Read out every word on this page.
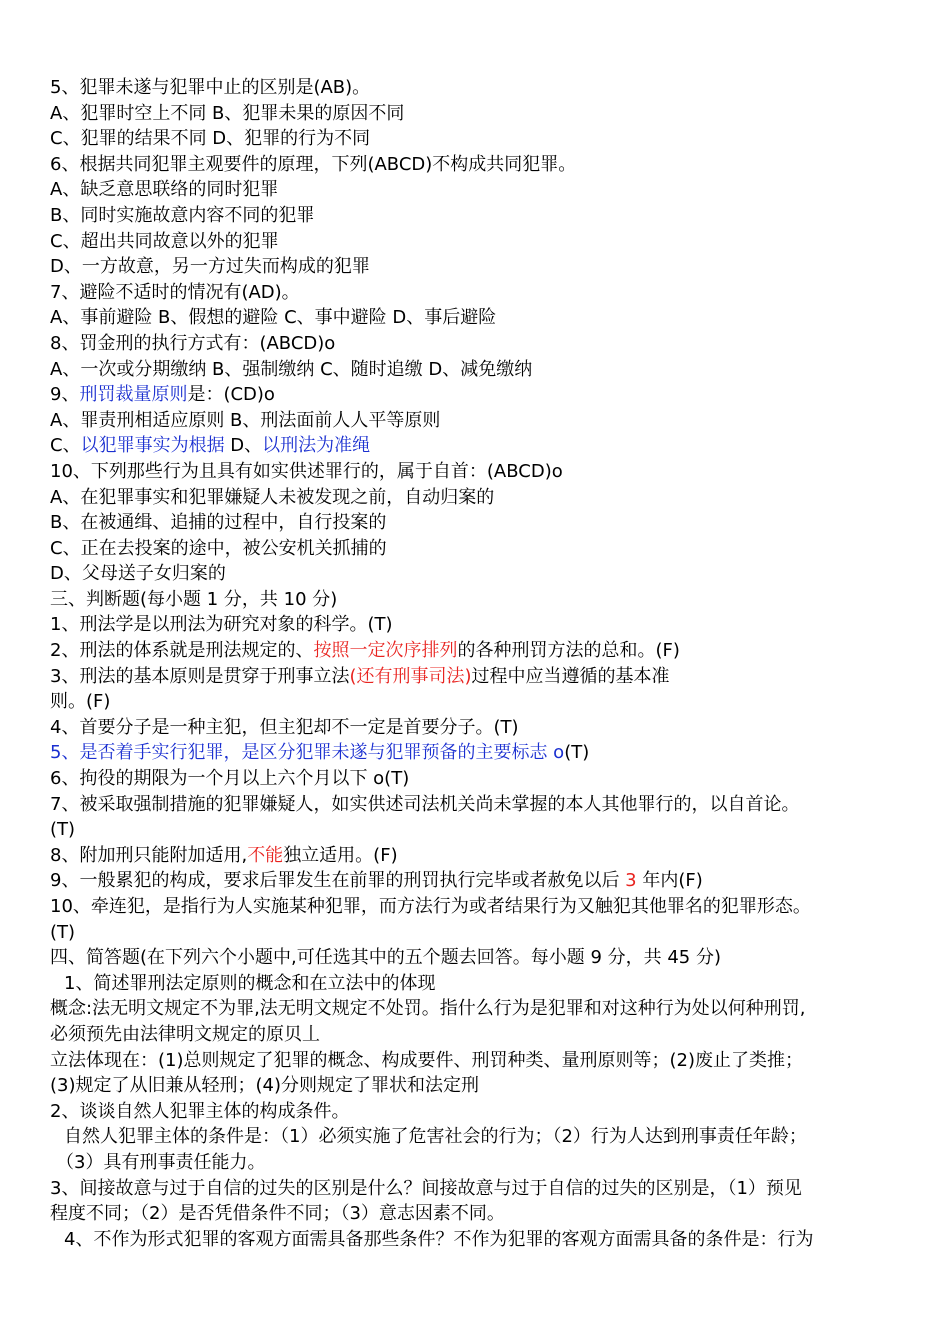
5、犯罪未遂与犯罪中止的区别是(AB)。
A、犯罪时空上不同 B、犯罪未果的原因不同
C、犯罪的结果不同 D、犯罪的行为不同
6、根据共同犯罪主观要件的原理，下列(ABCD)不构成共同犯罪。
A、缺乏意思联络的同时犯罪
B、同时实施故意内容不同的犯罪
C、超出共同故意以外的犯罪
D、一方故意，另一方过失而构成的犯罪
7、避险不适时的情况有(AD)。
A、事前避险 B、假想的避险 C、事中避险 D、事后避险
8、罚金刑的执行方式有：(ABCD)o
A、一次或分期缴纳 B、强制缴纳 C、随时追缴 D、减免缴纳
9、刑罚裁量原则是：(CD)o
A、罪责刑相适应原则 B、刑法面前人人平等原则
C、以犯罪事实为根据 D、以刑法为准绳
10、下列那些行为且具有如实供述罪行的，属于自首：(ABCD)o
A、在犯罪事实和犯罪嫌疑人未被发现之前，自动归案的
B、在被通缉、追捕的过程中，自行投案的
C、正在去投案的途中，被公安机关抓捕的
D、父母送子女归案的
三、判断题(每小题 1 分，共 10 分)
1、刑法学是以刑法为研究对象的科学。(T)
2、刑法的体系就是刑法规定的、按照一定次序排列的各种刑罚方法的总和。(F)
3、刑法的基本原则是贯穿于刑事立法(还有刑事司法)过程中应当遵循的基本准
则。(F)
4、首要分子是一种主犯，但主犯却不一定是首要分子。(T)
5、是否着手实行犯罪，是区分犯罪未遂与犯罪预备的主要标志 o(T)
6、拘役的期限为一个月以上六个月以下 o(T)
7、被采取强制措施的犯罪嫌疑人，如实供述司法机关尚未掌握的本人其他罪行的，以自首论。
(T)
8、附加刑只能附加适用,不能独立适用。(F)
9、一般累犯的构成，要求后罪发生在前罪的刑罚执行完毕或者赦免以后 3 年内(F)
10、牵连犯，是指行为人实施某种犯罪，而方法行为或者结果行为又触犯其他罪名的犯罪形态。
(T)
四、简答题(在下列六个小题中,可任选其中的五个题去回答。每小题 9 分，共 45 分)
1、简述罪刑法定原则的概念和在立法中的体现
概念:法无明文规定不为罪,法无明文规定不处罚。指什么行为是犯罪和对这种行为处以何种刑罚,
必须预先由法律明文规定的原贝丄
立法体现在：(1)总则规定了犯罪的概念、构成要件、刑罚种类、量刑原则等；(2)废止了类推；
(3)规定了从旧兼从轻刑；(4)分则规定了罪状和法定刑
2、谈谈自然人犯罪主体的构成条件。
自然人犯罪主体的条件是：（1）必须实施了危害社会的行为；（2）行为人达到刑事责任年龄；
（3）具有刑事责任能力。
3、间接故意与过于自信的过失的区别是什么？间接故意与过于自信的过失的区别是，（1）预见
程度不同；（2）是否凭借条件不同；（3）意志因素不同。
4、不作为形式犯罪的客观方面需具备那些条件？不作为犯罪的客观方面需具备的条件是：行为
